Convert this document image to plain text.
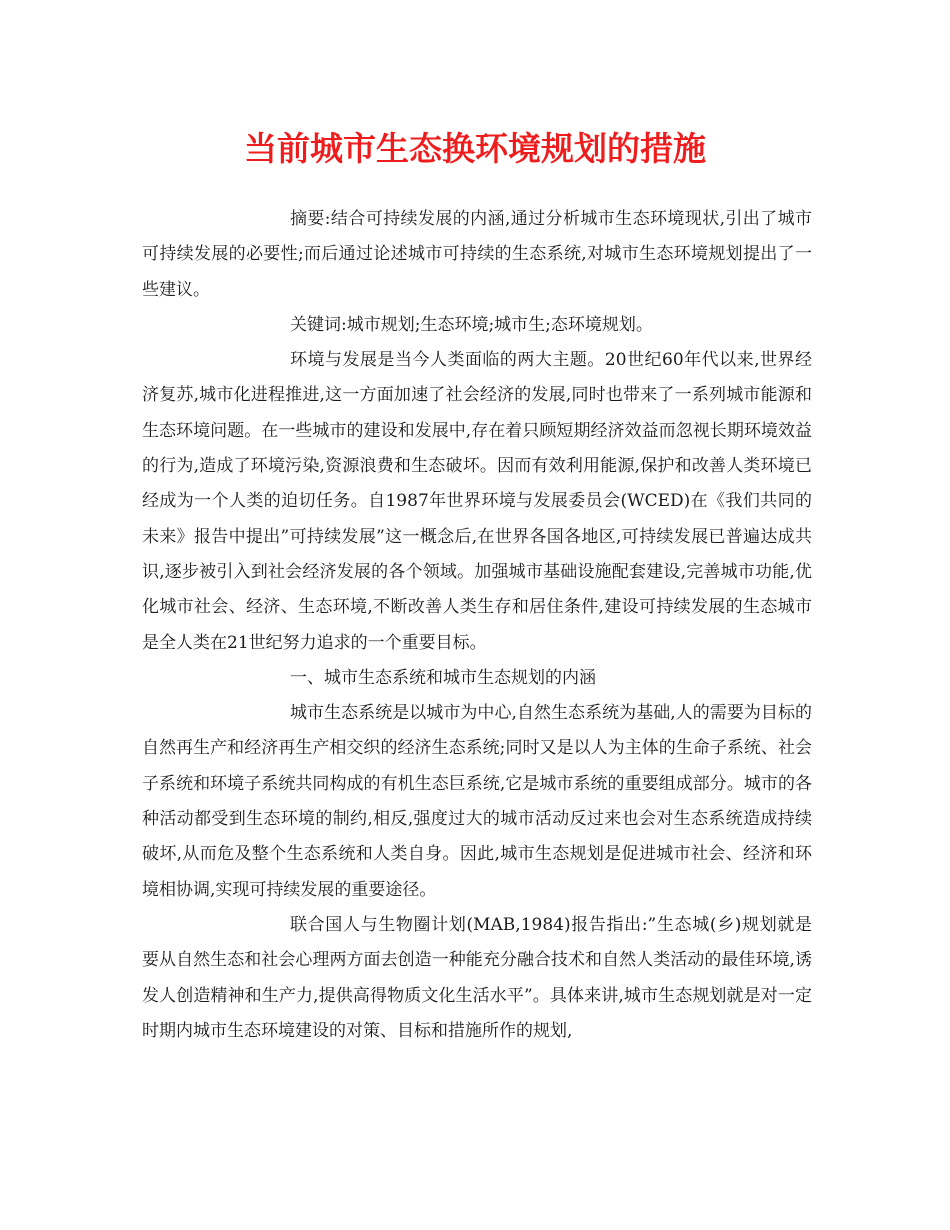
当前城市生态换环境规划的措施

摘要:结合可持续发展的内涵,通过分析城市生态环境现状,引出了城市可持续发展的必要性;而后通过论述城市可持续的生态系统,对城市生态环境规划提出了一些建议。

关键词:城市规划;生态环境;城市生;态环境规划。

环境与发展是当今人类面临的两大主题。20世纪60年代以来,世界经济复苏,城市化进程推进,这一方面加速了社会经济的发展,同时也带来了一系列城市能源和生态环境问题。在一些城市的建设和发展中,存在着只顾短期经济效益而忽视长期环境效益的行为,造成了环境污染,资源浪费和生态破坏。因而有效利用能源,保护和改善人类环境已经成为一个人类的迫切任务。自1987年世界环境与发展委员会(WCED)在《我们共同的未来》报告中提出”可持续发展”这一概念后,在世界各国各地区,可持续发展已普遍达成共识,逐步被引入到社会经济发展的各个领域。加强城市基础设施配套建设,完善城市功能,优化城市社会、经济、生态环境,不断改善人类生存和居住条件,建设可持续发展的生态城市是全人类在21世纪努力追求的一个重要目标。

一、城市生态系统和城市生态规划的内涵

城市生态系统是以城市为中心,自然生态系统为基础,人的需要为目标的自然再生产和经济再生产相交织的经济生态系统;同时又是以人为主体的生命子系统、社会子系统和环境子系统共同构成的有机生态巨系统,它是城市系统的重要组成部分。城市的各种活动都受到生态环境的制约,相反,强度过大的城市活动反过来也会对生态系统造成持续破坏,从而危及整个生态系统和人类自身。因此,城市生态规划是促进城市社会、经济和环境相协调,实现可持续发展的重要途径。

联合国人与生物圈计划(MAB,1984)报告指出:”生态城(乡)规划就是要从自然生态和社会心理两方面去创造一种能充分融合技术和自然人类活动的最佳环境,诱发人创造精神和生产力,提供高得物质文化生活水平”。具体来讲,城市生态规划就是对一定时期内城市生态环境建设的对策、目标和措施所作的规划,
